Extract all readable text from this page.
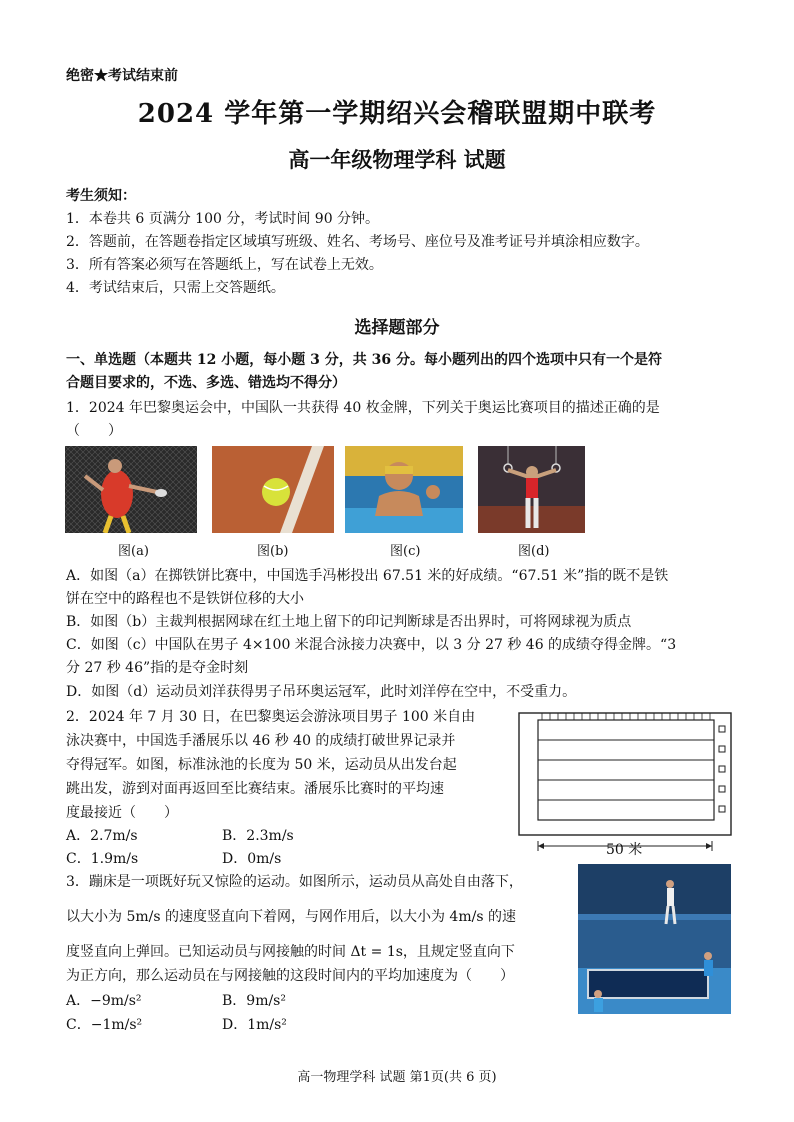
绝密★考试结束前
2024 学年第一学期绍兴会稽联盟期中联考
高一年级物理学科 试题
考生须知：
1．本卷共 6 页满分 100 分，考试时间 90 分钟。
2．答题前，在答题卷指定区域填写班级、姓名、考场号、座位号及准考证号并填涂相应数字。
3．所有答案必须写在答题纸上，写在试卷上无效。
4．考试结束后，只需上交答题纸。
选择题部分
一、单选题（本题共 12 小题，每小题 3 分，共 36 分。每小题列出的四个选项中只有一个是符
合题目要求的，不选、多选、错选均不得分）
1．2024 年巴黎奥运会中，中国队一共获得 40 枚金牌，下列关于奥运比赛项目的描述正确的是
（　　）
图(a)	图(b)	图(c)	图(d)
A．如图（a）在掷铁饼比赛中，中国选手冯彬投出 67.51 米的好成绩。“67.51 米”指的既不是铁
饼在空中的路程也不是铁饼位移的大小
B．如图（b）主裁判根据网球在红土地上留下的印记判断球是否出界时，可将网球视为质点
C．如图（c）中国队在男子 4×100 米混合泳接力决赛中，以 3 分 27 秒 46 的成绩夺得金牌。“3
分 27 秒 46”指的是夺金时刻
D．如图（d）运动员刘洋获得男子吊环奥运冠军，此时刘洋停在空中，不受重力。
2．2024 年 7 月 30 日，在巴黎奥运会游泳项目男子 100 米自由
泳决赛中，中国选手潘展乐以 46 秒 40 的成绩打破世界记录并
夺得冠军。如图，标准泳池的长度为 50 米，运动员从出发台起
跳出发，游到对面再返回至比赛结束。潘展乐比赛时的平均速
度最接近（　　）
A．2.7m/s	B．2.3m/s
C．1.9m/s	D．0m/s
50 米
3．蹦床是一项既好玩又惊险的运动。如图所示，运动员从高处自由落下，
以大小为 5m/s 的速度竖直向下着网，与网作用后，以大小为 4m/s 的速
度竖直向上弹回。已知运动员与网接触的时间 Δt = 1s，且规定竖直向下
为正方向，那么运动员在与网接触的这段时间内的平均加速度为（　　）
A．−9m/s²	B．9m/s²
C．−1m/s²	D．1m/s²
高一物理学科 试题 第1页(共 6 页)
